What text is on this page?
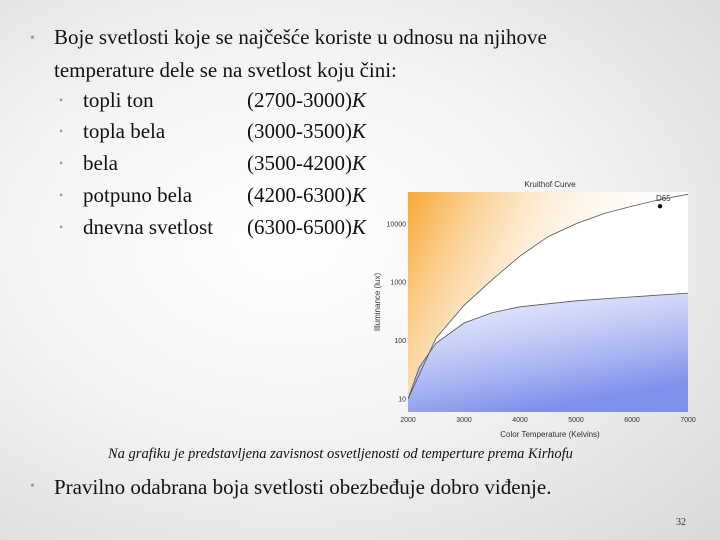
• Boje svetlosti koje se najčešće koriste u odnosu na njihove
temperature dele se na svetlost koju čini:
• topli ton	(2700-3000)K
• topla bela	(3000-3500)K
• bela	(3500-4200)K
• potpuno bela	(4200-6300)K
• dnevna svetlost (6300-6500)K
D65
Kruithof Curve
Color Temperature (Kelvins)
Illuminance (lux)
2000	3000	4000	5000	6000	7000
10
100
1000
10000
Na grafiku je predstavljena zavisnost osvetljenosti od temperture prema Kirhofu
• Pravilno odabrana boja svetlosti obezbeđuje dobro viđenje.
32
